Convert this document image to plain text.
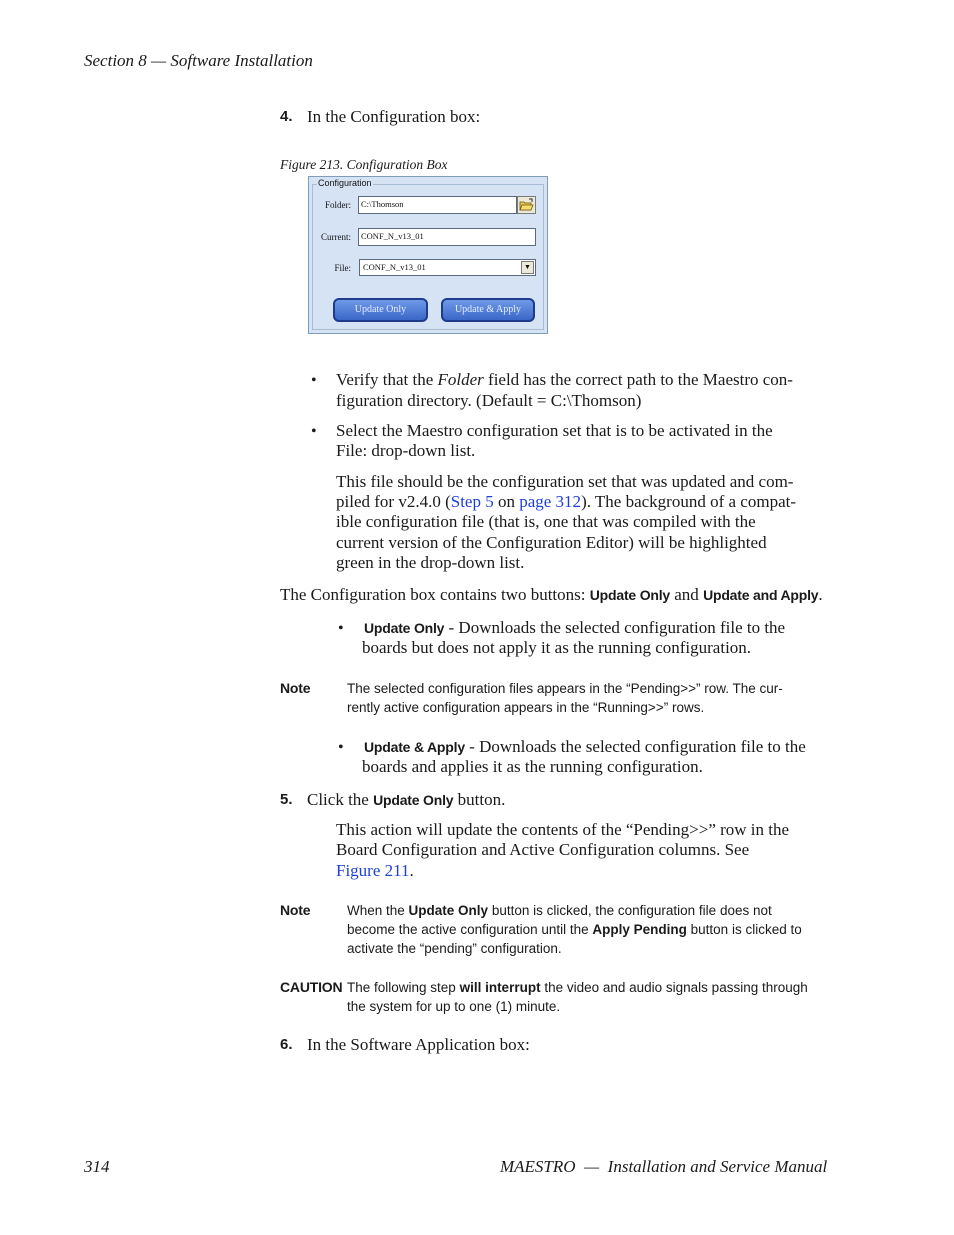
Section 8 — Software Installation
4. In the Configuration box:
Figure 213. Configuration Box
Configuration
Folder:	C:\Thomson
Current:	CONF_N_v13_01
File:	CONF_N_v13_01	▼
Update Only	Update & Apply
• Verify that the Folder field has the correct path to the Maestro con-
figuration directory. (Default = C:\Thomson)
• Select the Maestro configuration set that is to be activated in the
File: drop-down list.
This file should be the configuration set that was updated and com-
piled for v2.4.0 (Step 5 on page 312). The background of a compat-
ible configuration file (that is, one that was compiled with the
current version of the Configuration Editor) will be highlighted
green in the drop-down list.
The Configuration box contains two buttons: Update Only and Update and Apply.
• Update Only - Downloads the selected configuration file to the
boards but does not apply it as the running configuration.
Note	The selected configuration files appears in the “Pending>>” row. The cur-
rently active configuration appears in the “Running>>” rows.
• Update & Apply - Downloads the selected configuration file to the
boards and applies it as the running configuration.
5. Click the Update Only button.
This action will update the contents of the “Pending>>” row in the
Board Configuration and Active Configuration columns. See
Figure 211.
Note	When the Update Only button is clicked, the configuration file does not
become the active configuration until the Apply Pending button is clicked to
activate the “pending” configuration.
CAUTION The following step will interrupt the video and audio signals passing through
the system for up to one (1) minute.
6. In the Software Application box:
314	MAESTRO  —  Installation and Service Manual
